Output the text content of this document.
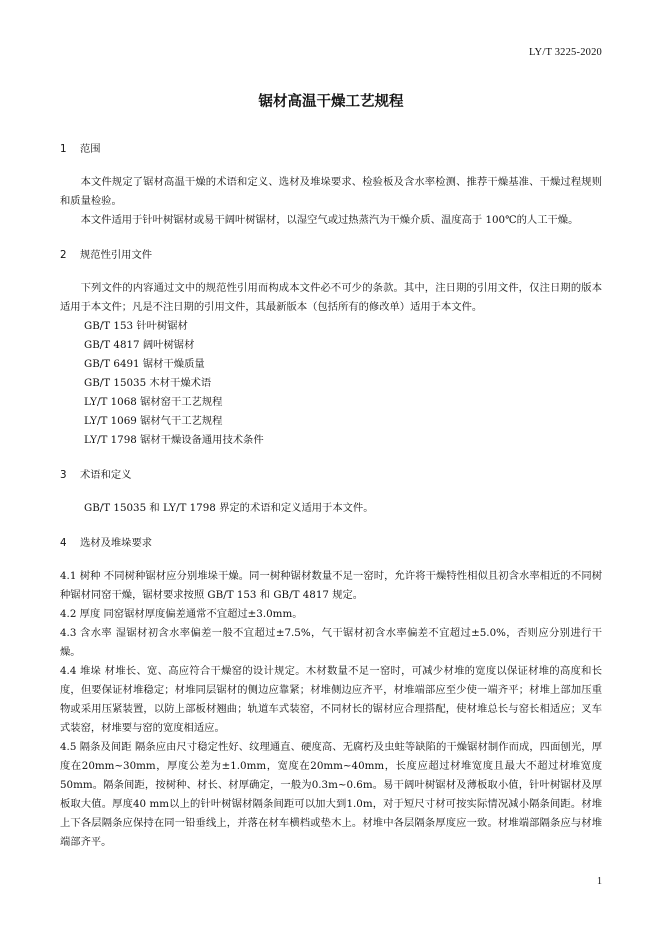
LY/T 3225-2020
锯材高温干燥工艺规程
1 范围
本文件规定了锯材高温干燥的术语和定义、选材及堆垛要求、检验板及含水率检测、推荐干燥基准、干燥过程规则和质量检验。
本文件适用于针叶树锯材或易干阔叶树锯材，以湿空气或过热蒸汽为干燥介质、温度高于 100℃的人工干燥。
2 规范性引用文件
下列文件的内容通过文中的规范性引用而构成本文件必不可少的条款。其中，注日期的引用文件，仅注日期的版本适用于本文件；凡是不注日期的引用文件，其最新版本（包括所有的修改单）适用于本文件。
GB/T 153 针叶树锯材
GB/T 4817 阔叶树锯材
GB/T 6491 锯材干燥质量
GB/T 15035 木材干燥术语
LY/T 1068 锯材窑干工艺规程
LY/T 1069 锯材气干工艺规程
LY/T 1798 锯材干燥设备通用技术条件
3 术语和定义
GB/T 15035 和 LY/T 1798 界定的术语和定义适用于本文件。
4 选材及堆垛要求
4.1 树种 不同树种锯材应分别堆垛干燥。同一树种锯材数量不足一窑时，允许将干燥特性相似且初含水率相近的不同树种锯材同窑干燥，锯材要求按照 GB/T 153 和 GB/T 4817 规定。
4.2 厚度 同窑锯材厚度偏差通常不宜超过±3.0mm。
4.3 含水率 湿锯材初含水率偏差一般不宜超过±7.5%，气干锯材初含水率偏差不宜超过±5.0%，否则应分别进行干燥。
4.4 堆垛 材堆长、宽、高应符合干燥窑的设计规定。木材数量不足一窑时，可减少材堆的宽度以保证材堆的高度和长度，但要保证材堆稳定；材堆同层锯材的侧边应靠紧；材堆侧边应齐平，材堆端部应至少使一端齐平；材堆上部加压重物或采用压紧装置，以防上部板材翘曲；轨道车式装窑，不同材长的锯材应合理搭配，使材堆总长与窑长相适应；叉车式装窑，材堆要与窑的宽度相适应。
4.5 隔条及间距 隔条应由尺寸稳定性好、纹理通直、硬度高、无腐朽及虫蛀等缺陷的干燥锯材制作而成，四面刨光，厚度在20mm~30mm，厚度公差为±1.0mm，宽度在20mm~40mm，长度应超过材堆宽度且最大不超过材堆宽度50mm。隔条间距，按树种、材长、材厚确定，一般为0.3m~0.6m。易干阔叶树锯材及薄板取小值，针叶树锯材及厚板取大值。厚度40 mm以上的针叶树锯材隔条间距可以加大到1.0m，对于短尺寸材可按实际情况减小隔条间距。材堆上下各层隔条应保持在同一铅垂线上，并落在材车横档或垫木上。材堆中各层隔条厚度应一致。材堆端部隔条应与材堆端部齐平。
1
